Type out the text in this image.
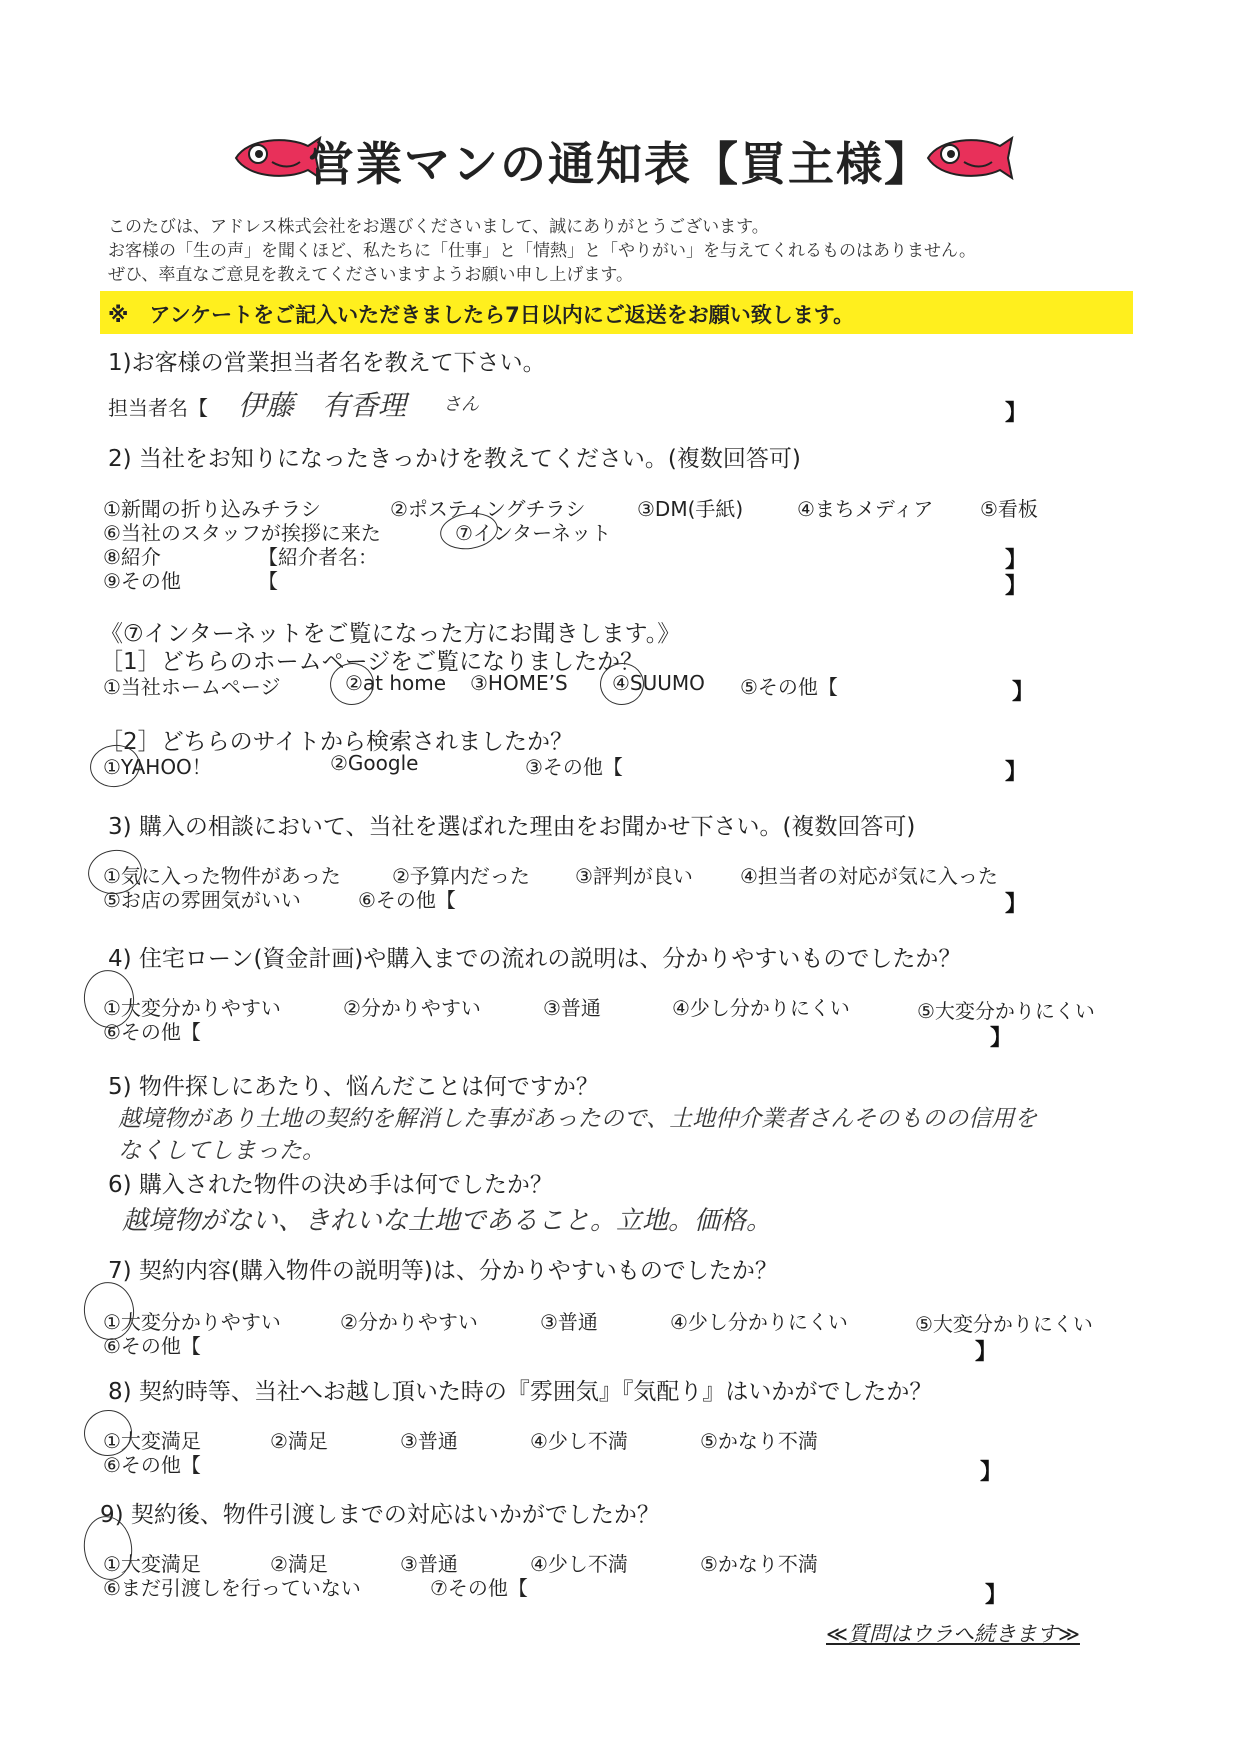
営業マンの通知表【買主様】
このたびは、アドレス株式会社をお選びくださいまして、誠にありがとうございます。
お客様の「生の声」を聞くほど、私たちに「仕事」と「情熱」と「やりがい」を与えてくれるものはありません。
ぜひ、率直なご意見を教えてくださいますようお願い申し上げます。
※　アンケートをご記入いただきましたら7日以内にご返送をお願い致します。
1)お客様の営業担当者名を教えて下さい。
担当者名【 伊藤　有香理 さん	】
2) 当社をお知りになったきっかけを教えてください。(複数回答可)
①新聞の折り込みチラシ	②ポスティングチラシ	③DM(手紙)	④まちメディア ⑤看板
⑥当社のスタッフが挨拶に来た	⑦インターネット
⑧紹介	【紹介者名：	】
⑨その他	【	】
《⑦インターネットをご覧になった方にお聞きします。》
［1］どちらのホームページをご覧になりましたか？
①当社ホームページ	②at home ③HOME’S ④SUUMO ⑤その他【	】
［2］どちらのサイトから検索されましたか？
①YAHOO！	②Google	③その他【	】
3) 購入の相談において、当社を選ばれた理由をお聞かせ下さい。(複数回答可)
①気に入った物件があった	②予算内だった ③評判が良い ④担当者の対応が気に入った
⑤お店の雰囲気がいい	⑥その他【	】
4) 住宅ローン(資金計画)や購入までの流れの説明は、分かりやすいものでしたか？
①大変分かりやすい	②分かりやすい	③普通	④少し分かりにくい	⑤大変分かりにくい
⑥その他【	】
5) 物件探しにあたり、悩んだことは何ですか？
越境物があり土地の契約を解消した事があったので、土地仲介業者さんそのものの信用を
なくしてしまった。
6) 購入された物件の決め手は何でしたか？
越境物がない、きれいな土地であること。立地。価格。
7) 契約内容(購入物件の説明等)は、分かりやすいものでしたか？
①大変分かりやすい	②分かりやすい	③普通	④少し分かりにくい	⑤大変分かりにくい
⑥その他【	】
8) 契約時等、当社へお越し頂いた時の『雰囲気』『気配り』はいかがでしたか？
①大変満足	②満足	③普通	④少し不満	⑤かなり不満
⑥その他【	】
9) 契約後、物件引渡しまでの対応はいかがでしたか？
①大変満足	②満足	③普通	④少し不満	⑤かなり不満
⑥まだ引渡しを行っていない	⑦その他【	】
≪質問はウラへ続きます≫
